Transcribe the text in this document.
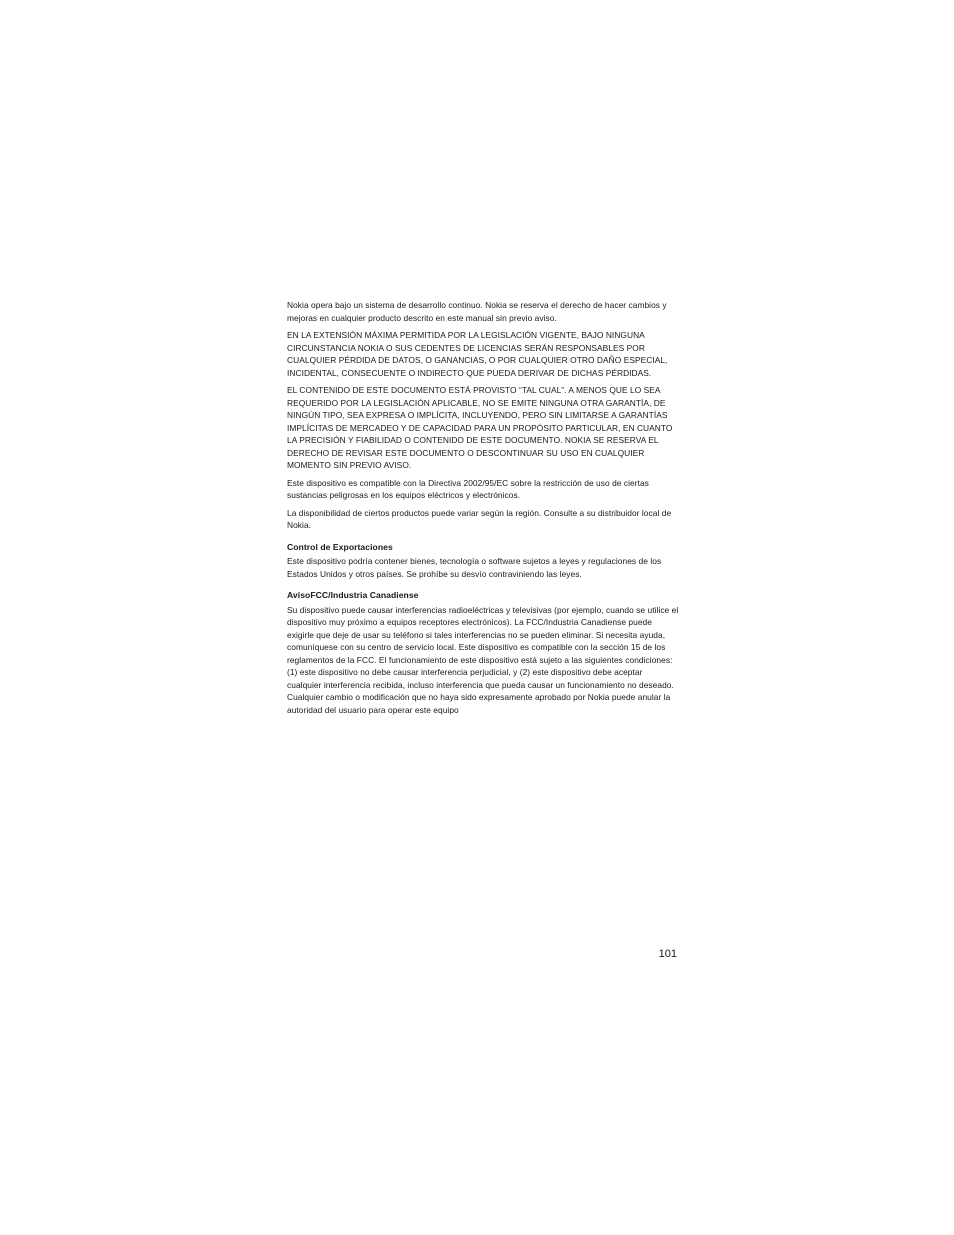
Nokia opera bajo un sistema de desarrollo continuo. Nokia se reserva el derecho de hacer cambios y mejoras en cualquier producto descrito en este manual sin previo aviso.

EN LA EXTENSIÓN MÁXIMA PERMITIDA POR LA LEGISLACIÓN VIGENTE, BAJO NINGUNA CIRCUNSTANCIA NOKIA O SUS CEDENTES DE LICENCIAS SERÁN RESPONSABLES POR CUALQUIER PÉRDIDA DE DATOS, O GANANCIAS, O POR CUALQUIER OTRO DAÑO ESPECIAL, INCIDENTAL, CONSECUENTE O INDIRECTO QUE PUEDA DERIVAR DE DICHAS PÉRDIDAS.

EL CONTENIDO DE ESTE DOCUMENTO ESTÁ PROVISTO “TAL CUAL”. A MENOS QUE LO SEA REQUERIDO POR LA LEGISLACIÓN APLICABLE, NO SE EMITE NINGUNA OTRA GARANTÍA, DE NINGÚN TIPO, SEA EXPRESA O IMPLÍCITA, INCLUYENDO, PERO SIN LIMITARSE A GARANTÍAS IMPLÍCITAS DE MERCADEO Y DE CAPACIDAD PARA UN PROPÓSITO PARTICULAR, EN CUANTO LA PRECISIÓN Y FIABILIDAD O CONTENIDO DE ESTE DOCUMENTO. NOKIA SE RESERVA EL DERECHO DE REVISAR ESTE DOCUMENTO O DESCONTINUAR SU USO EN CUALQUIER MOMENTO SIN PREVIO AVISO.

Este dispositivo es compatible con la Directiva 2002/95/EC sobre la restricción de uso de ciertas sustancias peligrosas en los equipos eléctricos y electrónicos.

La disponibilidad de ciertos productos puede variar según la región. Consulte a su distribuidor local de Nokia.

Control de Exportaciones

Este dispositivo podría contener bienes, tecnología o software sujetos a leyes y regulaciones de los Estados Unidos y otros países. Se prohíbe su desvío contraviniendo las leyes.

AvisoFCC/Industria Canadiense

Su dispositivo puede causar interferencias radioeléctricas y televisivas (por ejemplo, cuando se utilice el dispositivo muy próximo a equipos receptores electrónicos). La FCC/Industria Canadiense puede exigirle que deje de usar su teléfono si tales interferencias no se pueden eliminar. Si necesita ayuda, comuníquese con su centro de servicio local. Este dispositivo es compatible con la sección 15 de los reglamentos de la FCC. El funcionamiento de este dispositivo está sujeto a las siguientes condiciones: (1) este dispositivo no debe causar interferencia perjudicial, y (2) este dispositivo debe aceptar cualquier interferencia recibida, incluso interferencia que pueda causar un funcionamiento no deseado. Cualquier cambio o modificación que no haya sido expresamente aprobado por Nokia puede anular la autoridad del usuario para operar este equipo

101
